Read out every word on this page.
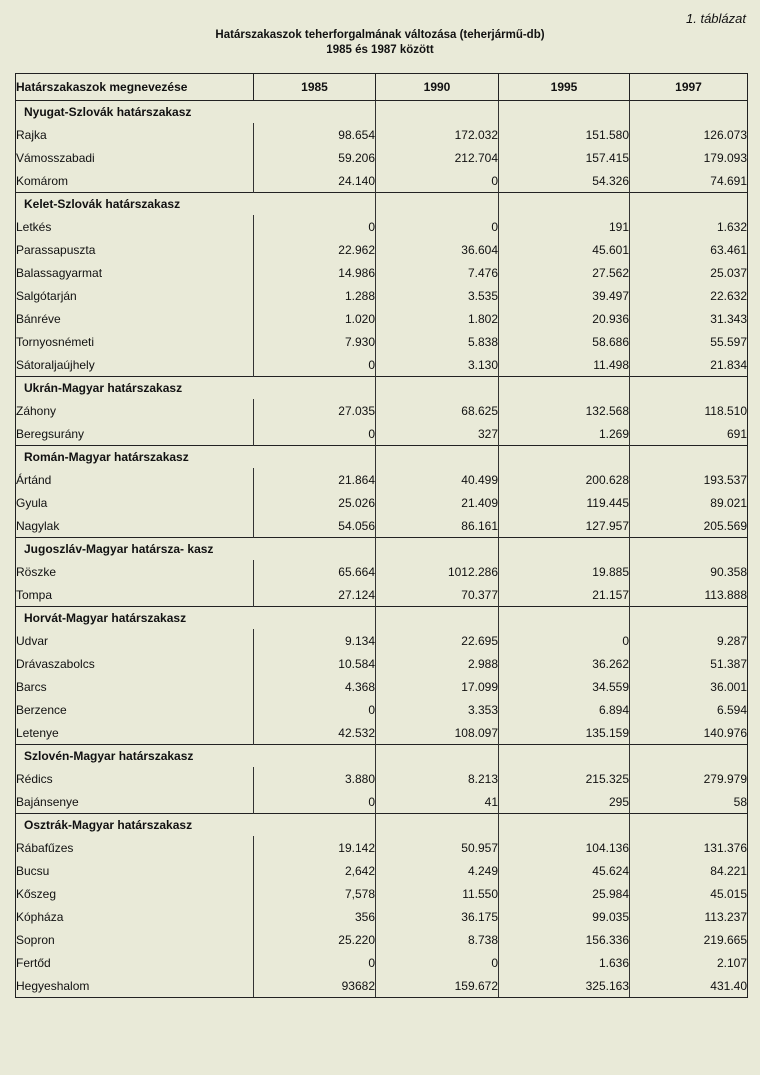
1. táblázat
Határszakaszok teherforgalmának változása (teherjármű-db)
1985 és 1987 között
Határszakaszok megnevezése	1985	1990	1995	1997
Nyugat-Szlovák határszakasz				
Rajka	98.654	172.032	151.580	126.073
Vámosszabadi	59.206	212.704	157.415	179.093
Komárom	24.140	0	54.326	74.691
Kelet-Szlovák határszakasz				
Letkés	0	0	191	1.632
Parassapuszta	22.962	36.604	45.601	63.461
Balassagyarmat	14.986	7.476	27.562	25.037
Salgótarján	1.288	3.535	39.497	22.632
Bánréve	1.020	1.802	20.936	31.343
Tornyosnémeti	7.930	5.838	58.686	55.597
Sátoraljaújhely	0	3.130	11.498	21.834
Ukrán-Magyar határszakasz				
Záhony	27.035	68.625	132.568	118.510
Beregsurány	0	327	1.269	691
Román-Magyar határszakasz				
Ártánd	21.864	40.499	200.628	193.537
Gyula	25.026	21.409	119.445	89.021
Nagylak	54.056	86.161	127.957	205.569
Jugoszláv-Magyar határsza- kasz				
Röszke	65.664	1012.286	19.885	90.358
Tompa	27.124	70.377	21.157	113.888
Horvát-Magyar határszakasz				
Udvar	9.134	22.695	0	9.287
Drávaszabolcs	10.584	2.988	36.262	51.387
Barcs	4.368	17.099	34.559	36.001
Berzence	0	3.353	6.894	6.594
Letenye	42.532	108.097	135.159	140.976
Szlovén-Magyar határszakasz				
Rédics	3.880	8.213	215.325	279.979
Bajánsenye	0	41	295	58
Osztrák-Magyar határszakasz				
Rábafűzes	19.142	50.957	104.136	131.376
Bucsu	2,642	4.249	45.624	84.221
Kőszeg	7,578	11.550	25.984	45.015
Kópháza	356	36.175	99.035	113.237
Sopron	25.220	8.738	156.336	219.665
Fertőd	0	0	1.636	2.107
Hegyeshalom	93682	159.672	325.163	431.40
